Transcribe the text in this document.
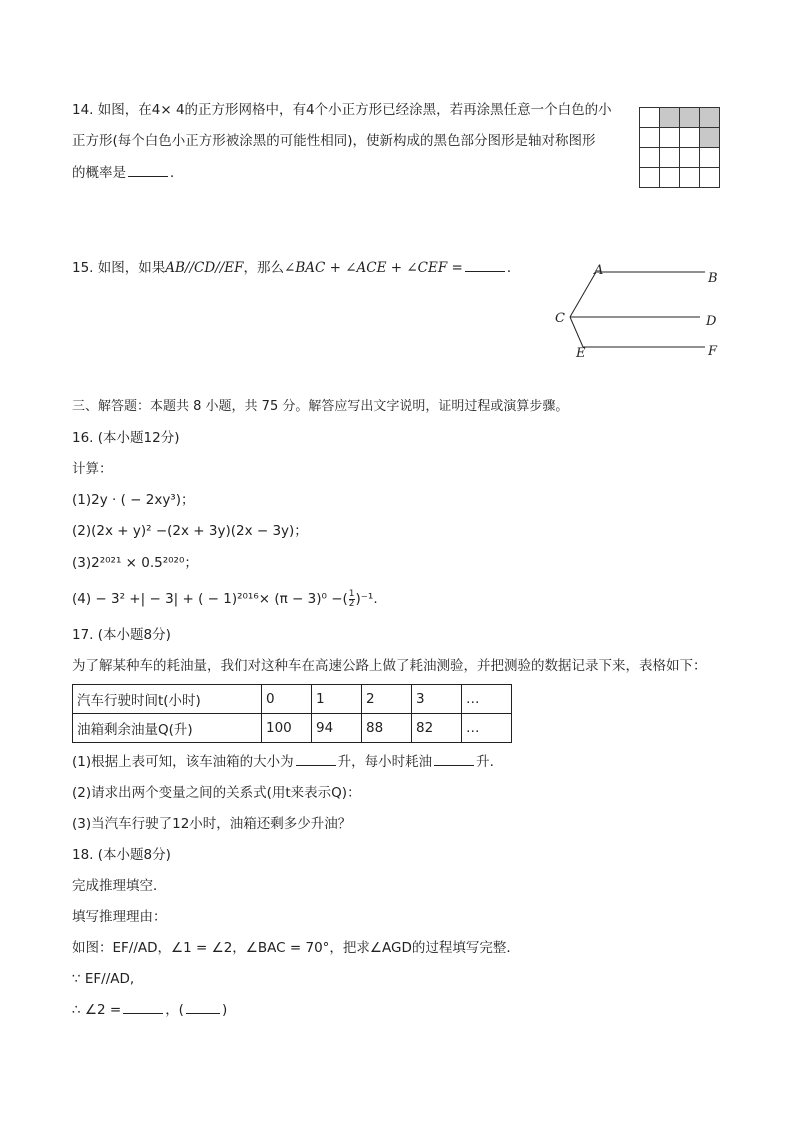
14. 如图，在4× 4的正方形网格中，有4个小正方形已经涂黑，若再涂黑任意一个白色的小
正方形(每个白色小正方形被涂黑的可能性相同)，使新构成的黑色部分图形是轴对称图形
的概率是	．

15. 如图，如果AB//CD//EF，那么∠BAC + ∠ACE + ∠CEF =	．	A
B
C	D
E	F
三、解答题：本题共 8 小题，共 75 分。解答应写出文字说明，证明过程或演算步骤。
16. (本小题12分)
计算：
(1)2y · ( − 2xy³)；
(2)(2x + y)² −(2x + 3y)(2x − 3y)；
(3)2²⁰²¹ × 0.5²⁰²⁰；
(4) − 3² +| − 3| + ( − 1)²⁰¹⁶× (π − 3)⁰ −( $\frac{1}{2} )^{-1}$.
17. (本小题8分)
为了解某种车的耗油量，我们对这种车在高速公路上做了耗油测验，并把测验的数据记录下来，表格如下：
汽车行驶时间t(小时)	0	1	2	3	…
油箱剩余油量Q(升)	100	94	88	82	…
(1)根据上表可知，该车油箱的大小为	升，每小时耗油	升.
(2)请求出两个变量之间的关系式(用t来表示Q)：
(3)当汽车行驶了12小时，油箱还剩多少升油？
18. (本小题8分)
完成推理填空．
填写推理理由：
如图：EF//AD，∠1 = ∠2，∠BAC = 70°，把求∠AGD的过程填写完整．
∵ EF//AD,
∴ ∠2 =	，(	)
